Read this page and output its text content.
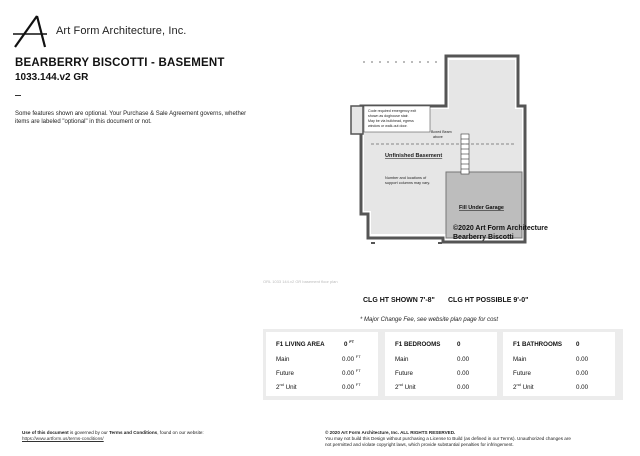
Art Form Architecture, Inc.
BEARBERRY BISCOTTI - BASEMENT
1033.144.v2 GR
Some features shown are optional. Your Purchase & Sale Agreement governs, whether items are labeled "optional" in this document or not.
Code required emergency exit
shown as doghouse stair.
May be via bulkhead, egress
window or walk-out door.
Boxed Beam
above
Unfinished Basement
Number and locations of
support columns may vary.
Fill Under Garage
©2020 Art Form Architecture
Bearberry Biscotti
ORL 1033 144.v2 GR basement floor plan
CLG HT SHOWN 7'-8" CLG HT POSSIBLE 9'-0"
* Major Change Fee, see website plan page for cost
F1 LIVING AREA	0 $^{FT}$
Main	0.00 $^{FT}$
Future	0.00 $^{FT}$
2nd Unit	0.00 $^{FT}$
F1 BEDROOMS	0
Main	0.00
Future	0.00
2nd Unit	0.00
F1 BATHROOMS 0
Main	0.00
Future	0.00
2nd Unit	0.00
Use of this document is governed by our Terms and Conditions, found on our website:
https://www.artform.us/terms-conditions/
© 2020 Art Form Architecture, Inc. ALL RIGHTS RESERVED.
You may not build this Design without purchasing a License to Build (as defined in our Terms). Unauthorized changes are
not permitted and violate copyright laws, which provide substantial penalties for infringement.
